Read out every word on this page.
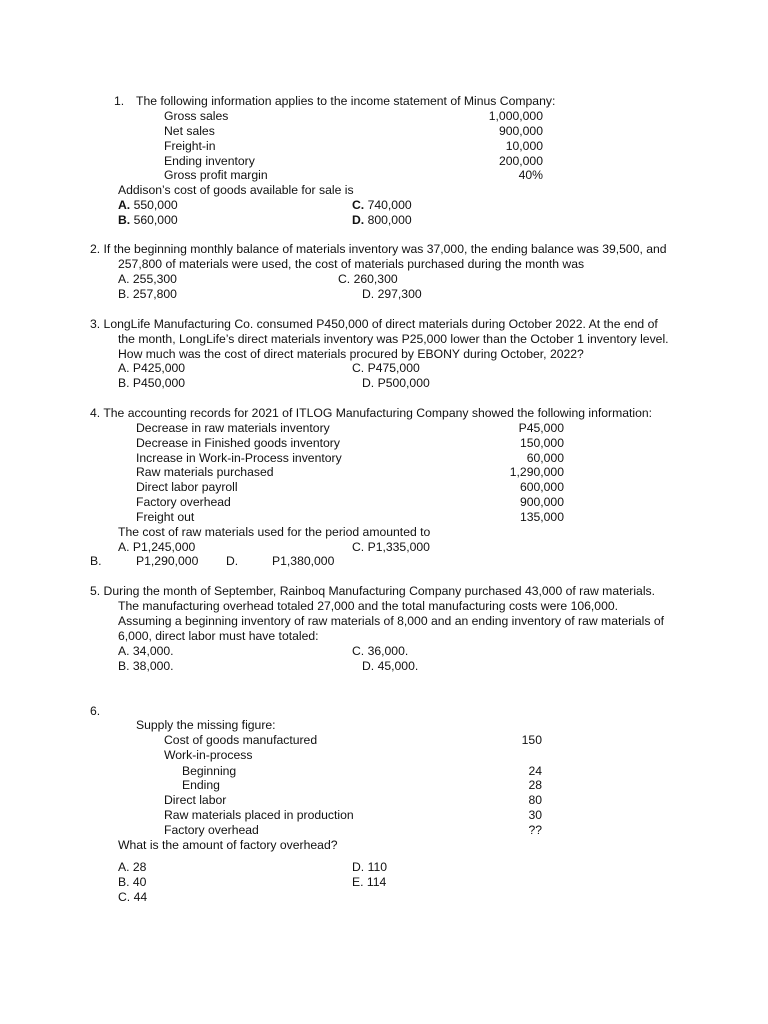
1. The following information applies to the income statement of Minus Company:
Gross sales	1,000,000
Net sales	900,000
Freight-in	10,000
Ending inventory	200,000
Gross profit margin	40%
Addison’s cost of goods available for sale is
A. 550,000	C. 740,000
B. 560,000	D. 800,000
2. If the beginning monthly balance of materials inventory was 37,000, the ending balance was 39,500, and
257,800 of materials were used, the cost of materials purchased during the month was
A. 255,300	C. 260,300
B. 257,800	D. 297,300
3. LongLife Manufacturing Co. consumed P450,000 of direct materials during October 2022. At the end of
the month, LongLife’s direct materials inventory was P25,000 lower than the October 1 inventory level.
How much was the cost of direct materials procured by EBONY during October, 2022?
A. P425,000	C. P475,000
B. P450,000	D. P500,000
4. The accounting records for 2021 of ITLOG Manufacturing Company showed the following information:
Decrease in raw materials inventory	P45,000
Decrease in Finished goods inventory	150,000
Increase in Work-in-Process inventory	60,000
Raw materials purchased	1,290,000
Direct labor payroll	600,000
Factory overhead	900,000
Freight out	135,000
The cost of raw materials used for the period amounted to
A. P1,245,000	C. P1,335,000
B.	P1,290,000 D.	P1,380,000
5. During the month of September, Rainboq Manufacturing Company purchased 43,000 of raw materials.
The manufacturing overhead totaled 27,000 and the total manufacturing costs were 106,000.
Assuming a beginning inventory of raw materials of 8,000 and an ending inventory of raw materials of
6,000, direct labor must have totaled:
A. 34,000.	C. 36,000.
B. 38,000.	D. 45,000.
6.
Supply the missing figure:
Cost of goods manufactured	150
Work-in-process
Beginning	24
Ending	28
Direct labor	80
Raw materials placed in production	30
Factory overhead	??
What is the amount of factory overhead?
A. 28	D. 110
B. 40	E. 114
C. 44
